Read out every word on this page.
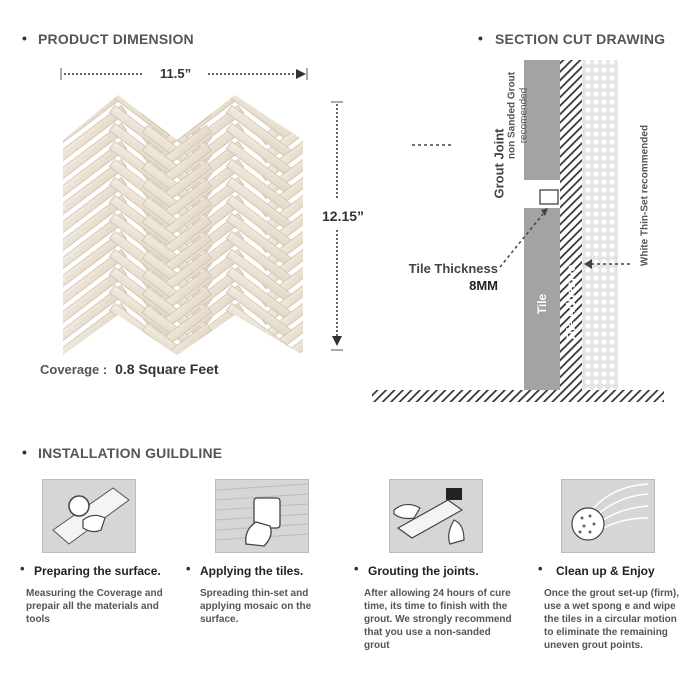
• PRODUCT DIMENSION
11.5”
12.15”
Coverage : 0.8 Square Feet
• SECTION CUT DRAWING
Grout Joint
non Sanded Grout recomended
White Thin-Set recommended
Tile Thickness
8MM
Tile Tile Adhesive
• INSTALLATION GUILDLINE
• Preparing the surface.
Measuring the Coverage and prepair all the materials and tools
• Applying the tiles.
Spreading thin-set and applying mosaic on the surface.
• Grouting the joints.
After allowing 24 hours of cure time, its time to finish with the grout. We strongly recommend that you use a non-sanded grout
• Clean up & Enjoy
Once the grout set-up (firm), use a wet spong e and wipe the tiles in a circular motion to eliminate the remaining uneven grout points.
